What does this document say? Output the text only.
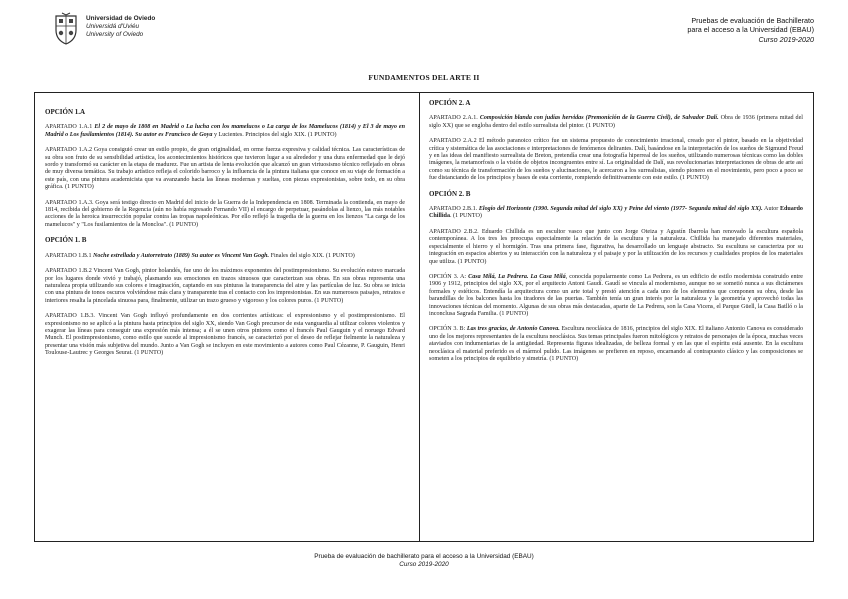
Universidad de Oviedo
Universidá d'Uviéu
University of Oviedo
Pruebas de evaluación de Bachillerato
para el acceso a la Universidad (EBAU)
Curso 2019-2020
FUNDAMENTOS DEL ARTE II
OPCIÓN 1.A

APARTADO 1.A.1 El 2 de mayo de 1808 en Madrid o La lucha con los mamelucos o La carga de los Mamelucos (1814) y El 3 de mayo en Madrid o Los fusilamientos (1814). Su autor es Francisco de Goya y Lucientes. Principios del siglo XIX. (1 PUNTO)

APARTADO 1.A.2 Goya consiguió crear un estilo propio, de gran originalidad, en orme fuerza expresiva y calidad técnica. Las características de su obra son fruto de su sensibilidad artística, los acontecimientos históricos que tuvieron lugar a su alrededor y una dura enfermedad que le dejó sordo y transformó su carácter en la etapa de madurez. Fue un artista de lenta evolución que alcanzó un gran virtuosismo técnico reflejado en obras de muy diversa temática. Su trabajo artístico refleja el colorido barroco y la influencia de la pintura italiana que conoce en su viaje de formación a este país, con una pintura academicista que va avanzando hacia las líneas modernas y sueltas, con piezas expresionistas, sobre todo, en su obra gráfica. (1 PUNTO)

APARTADO 1.A.3. Goya será testigo directo en Madrid del inicio de la Guerra de la Independencia en 1808. Terminada la contienda, en mayo de 1814, recibida del gobierno de la Regencia (aún no había regresado Fernando VII) el encargo de perpetuar, pasándolas al lienzo, las más notables acciones de la heroica insurrección popular contra las tropas napoleónicas. Por ello reflejó la tragedia de la guerra en los lienzos "La carga de los mamelucos" y "Los fusilamientos de la Moncloa". (1 PUNTO)

OPCIÓN 1. B

APARTADO 1.B.1 Noche estrellada y Autorretrato (1889) Su autor es Vincent Van Gogh. Finales del siglo XIX. (1 PUNTO)

APARTADO 1.B.2 Vincent Van Gogh, pintor holandés, fue uno de los máximos exponentes del postimpresionismo. Su evolución estuvo marcada por los lugares donde vivió y trabajó, plasmando sus emociones en trazos sinuosos que caracterizan sus obras. En sus obras representa una naturaleza propia utilizando sus colores e imaginación, captando en sus pinturas la transparencia del aire y las partículas de luz. Su obra se inicia con una pintura de tonos oscuros volviéndose más clara y transparente tras el contacto con los impresionistas. En sus numerosos paisajes, retratos e interiores resalta la pincelada sinuosa para, finalmente, utilizar un trazo grueso y vigoroso y los colores puros. (1 PUNTO)

APARTADO 1.B.3. Vincent Van Gogh influyó profundamente en dos corrientes artísticas: el expresionismo y el postimpresionismo. El expresionismo no se aplicó a la pintura hasta principios del siglo XX, siendo Van Gogh precursor de esta vanguardia al utilizar colores violentos y exagerar las líneas para conseguir una expresión más intensa; a él se unen otros pintores como el francés Paul Gauguin y el noruego Edvard Munch. El postimpresionismo, como estilo que sucede al impresionismo francés, se caracterizó por el deseo de reflejar fielmente la naturaleza y presentar una visión más subjetiva del mundo. Junto a Van Gogh se incluyen en este movimiento a autores como Paul Cézanne, P. Gauguin, Henri Toulouse-Lautrec y Georges Seurat. (1 PUNTO)

OPCIÓN 2. A

APARTADO 2.A.1. Composición blanda con judías hervidas (Premonición de la Guerra Civil), de Salvador Dalí. Obra de 1936 (primera mitad del siglo XX) que se engloba dentro del estilo surrealista del pintor. (1 PUNTO)

APARTADO 2.A.2 El método paranoico crítico fue un sistema propuesto de conocimiento irracional, creado por el pintor, basado en la objetividad crítica y sistemática de las asociaciones e interpretaciones de fenómenos delirantes. Dalí, basándose en la interpretación de los sueños de Sigmund Freud y en las ideas del manifiesto surrealista de Breton, pretendía crear una fotografía hiperreal de los sueños, utilizando numerosas técnicas como las dobles imágenes, la metamorfosis o la visión de objetos incongruentes entre sí. La originalidad de Dalí, sus revolucionarias interpretaciones de obras de arte así como su técnica de transformación de los sueños y alucinaciones, le acercaron a los surrealistas, siendo pionero en el movimiento, pero poco a poco se fue distanciando de los principios y bases de esta corriente, rompiendo definitivamente con este estilo. (1 PUNTO)

OPCIÓN 2. B

APARTADO 2.B.1. Elogio del Horizonte (1990. Segunda mitad del siglo XX) y Peine del viento (1977- Segunda mitad del siglo XX). Autor Eduardo Chillida. (1 PUNTO)

APARTADO 2.B.2. Eduardo Chillida es un escultor vasco que junto con Jorge Oteiza y Agustín Ibarrola han renovado la escultura española contemporánea. A los tres les preocupa especialmente la relación de la escultura y la naturaleza. Chillida ha manejado diferentes materiales, especialmente el hierro y el hormigón. Tras una primera fase, figurativa, ha desarrollado un lenguaje abstracto. Su escultura se caracteriza por su integración en espacios abiertos y su interacción con la naturaleza y el paisaje y por la utilización de los recursos y cualidades propios de los materiales que utiliza. (1 PUNTO)

OPCIÓN 3. A: Casa Milá, La Pedrera. La Casa Milá, conocida popularmente como La Pedrera, es un edificio de estilo modernista construido entre 1906 y 1912, principios del siglo XX, por el arquitecto Antoni Gaudí. Gaudí se vincula al modernismo, aunque no se sometió nunca a sus dictámenes formales y estéticos. Entendía la arquitectura como un arte total y prestó atención a cada uno de los elementos que componen su obra, desde las barandillas de los balcones hasta los tiradores de las puertas. También tenía un gran interés por la naturaleza y la geometría y aprovechó todas las innovaciones técnicas del momento. Algunas de sus obras más destacadas, aparte de La Pedrera, son la Casa Vicens, el Parque Güell, la Casa Batlló o la inconclusa Sagrada Familia. (1 PUNTO)

OPCIÓN 3. B: Las tres gracias, de Antonio Canova. Escultura neoclásica de 1816, principios del siglo XIX. El italiano Antonio Canova es considerado uno de los mejores representantes de la escultura neoclásica. Sus temas principales fueron mitológicos y retratos de personajes de la época, muchas veces ataviados con indumentarias de la antigüedad. Representa figuras idealizadas, de belleza formal y en las que el espíritu está ausente. En la escultura neoclásica el material preferido es el mármol pulido. Las imágenes se prefieren en reposo, encarnando al contrapuesto clásico y las composiciones se someten a los principios de equilibrio y simetría. (1 PUNTO)

Prueba de evaluación de bachillerato para el acceso a la Universidad (EBAU)
Curso 2019-2020
